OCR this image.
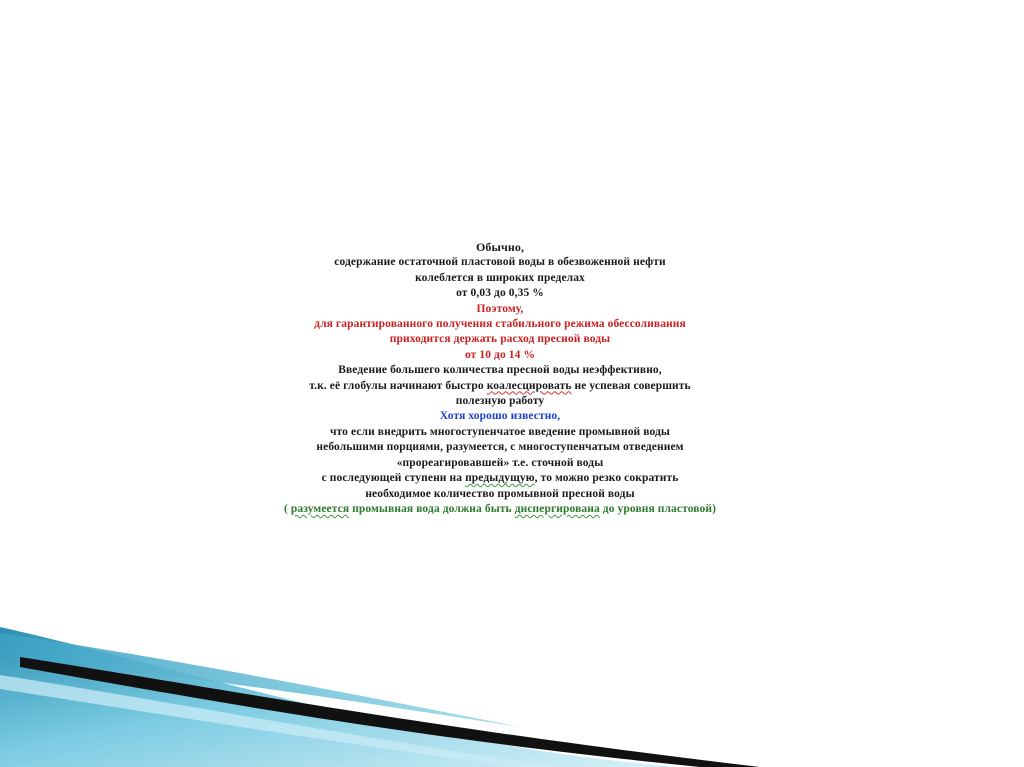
Обычно,
содержание остаточной пластовой воды в обезвоженной нефти
колеблется в широких пределах
от 0,03 до 0,35 %
Поэтому,
для гарантированного получения стабильного режима обессоливания
приходится держать расход пресной воды
от 10 до 14 %
Введение большего количества пресной воды неэффективно,
т.к. её глобулы начинают быстро коалесцировать не успевая совершить
полезную работу
Хотя хорошо известно,
что если внедрить многоступенчатое введение промывной воды
небольшими порциями, разумеется, с многоступенчатым отведением
«прореагировавшей» т.е. сточной воды
с последующей ступени на предыдущую, то можно резко сократить
необходимое количество промывной пресной воды
( разумеется промывная вода должна быть диспергирована до уровня пластовой)
